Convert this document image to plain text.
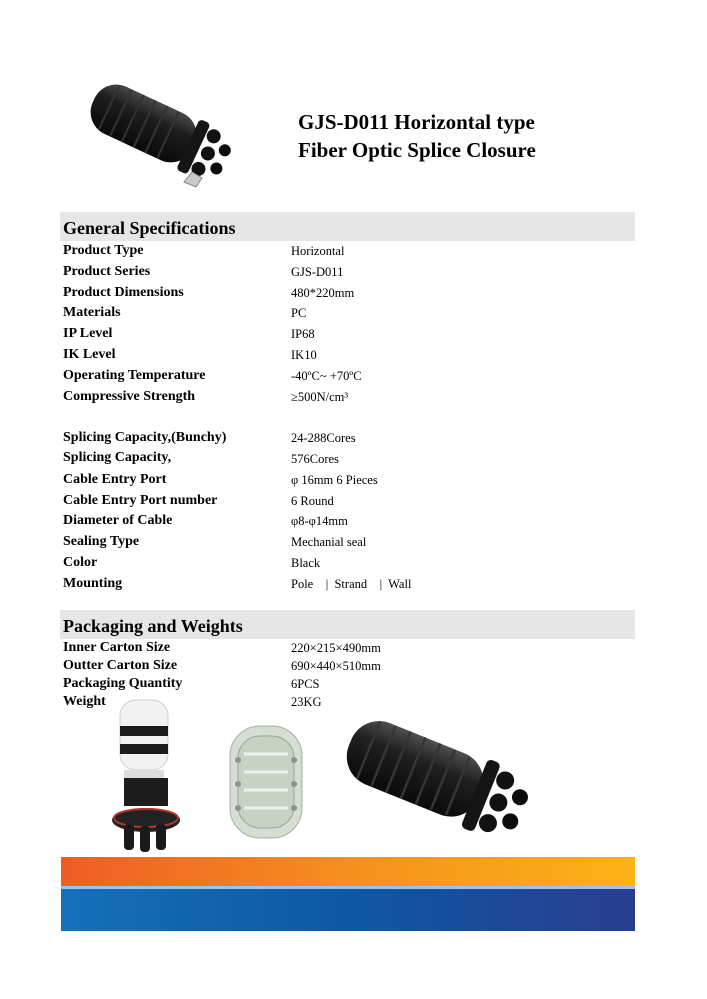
GJS-D011 Horizontal type
Fiber Optic Splice Closure
General Specifications
Product Type	Horizontal
Product Series	GJS-D011
Product Dimensions	480*220mm
Materials	PC
IP Level	IP68
IK Level	IK10
Operating Temperature	-40ºC~ +70ºC
Compressive Strength	≥500N/cm³
Splicing Capacity,(Bunchy)	24-288Cores
Splicing Capacity,	576Cores
Cable Entry Port	φ 16mm 6 Pieces
Cable Entry Port number	6 Round
Diameter of Cable	φ8-φ14mm
Sealing Type	Mechanial seal
Color	Black
Mounting	Pole    |  Strand    |  Wall
Packaging and Weights
Inner Carton Size	220×215×490mm
Outter Carton Size	690×440×510mm
Packaging Quantity	6PCS
Weight	23KG
